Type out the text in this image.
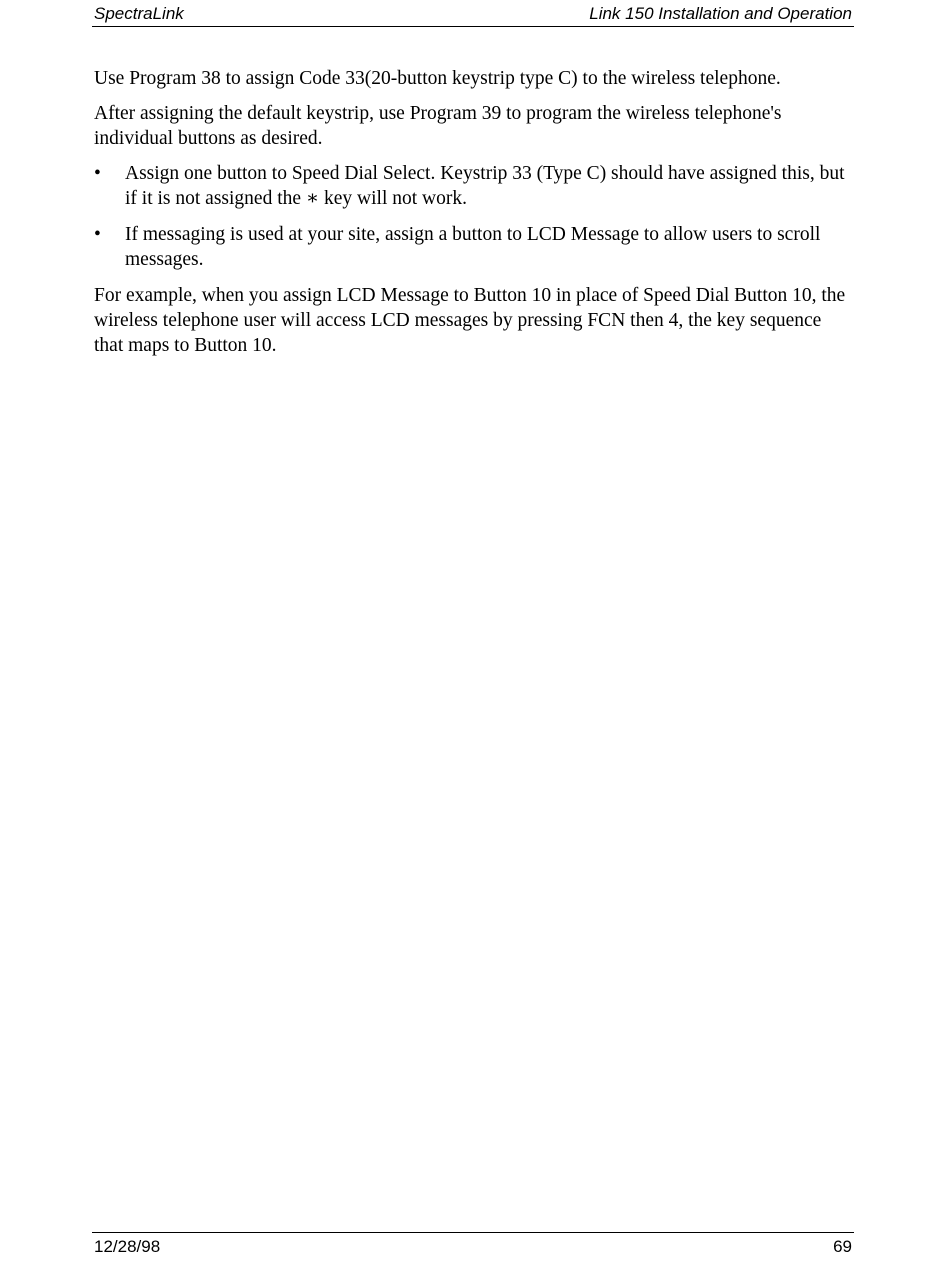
SpectraLink	Link 150 Installation and Operation

Use Program 38 to assign Code 33(20-button keystrip type C) to the wireless telephone.

After assigning the default keystrip, use Program 39 to program the wireless telephone's individual buttons as desired.

• Assign one button to Speed Dial Select. Keystrip 33 (Type C) should have assigned this, but if it is not assigned the ∗ key will not work.
• If messaging is used at your site, assign a button to LCD Message to allow users to scroll messages.

For example, when you assign LCD Message to Button 10 in place of Speed Dial Button 10, the wireless telephone user will access LCD messages by pressing FCN then 4, the key sequence that maps to Button 10.

12/28/98	69
